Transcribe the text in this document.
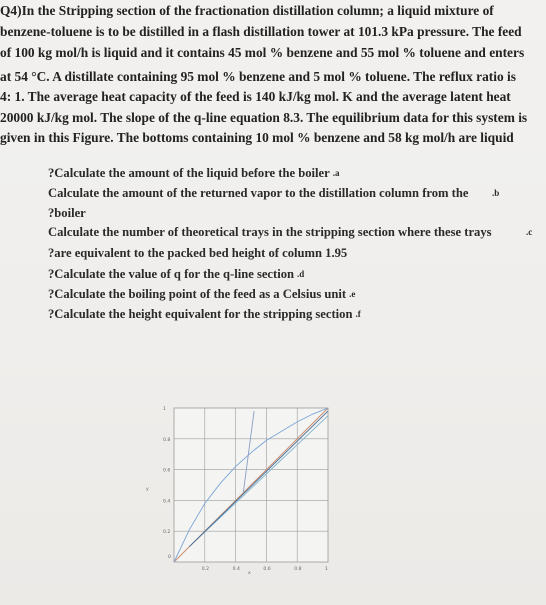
Q4)In the Stripping section of the fractionation distillation column; a liquid mixture of
benzene-toluene is to be distilled in a flash distillation tower at 101.3 kPa pressure. The feed
of 100 kg mol/h is liquid and it contains 45 mol % benzene and 55 mol % toluene and enters
at 54 °C. A distillate containing 95 mol % benzene and 5 mol % toluene. The reflux ratio is
4: 1. The average heat capacity of the feed is 140 kJ/kg mol. K and the average latent heat
20000 kJ/kg mol. The slope of the q-line equation 8.3. The equilibrium data for this system is
given in this Figure. The bottoms containing 10 mol % benzene and 58 kg mol/h are liquid
?Calculate the amount of the liquid before the boiler .a
Calculate the amount of the returned vapor to the distillation column from the	.b
?boiler
Calculate the number of theoretical trays in the stripping section where these trays	.c
?are equivalent to the packed bed height of column 1.95
?Calculate the value of q for the q-line section .d
?Calculate the boiling point of the feed as a Celsius unit .e
?Calculate the height equivalent for the stripping section .f
0.2	0.4	0.6	0.8	1
0.2
0.4
0.6
0.8
1
y
x
0
